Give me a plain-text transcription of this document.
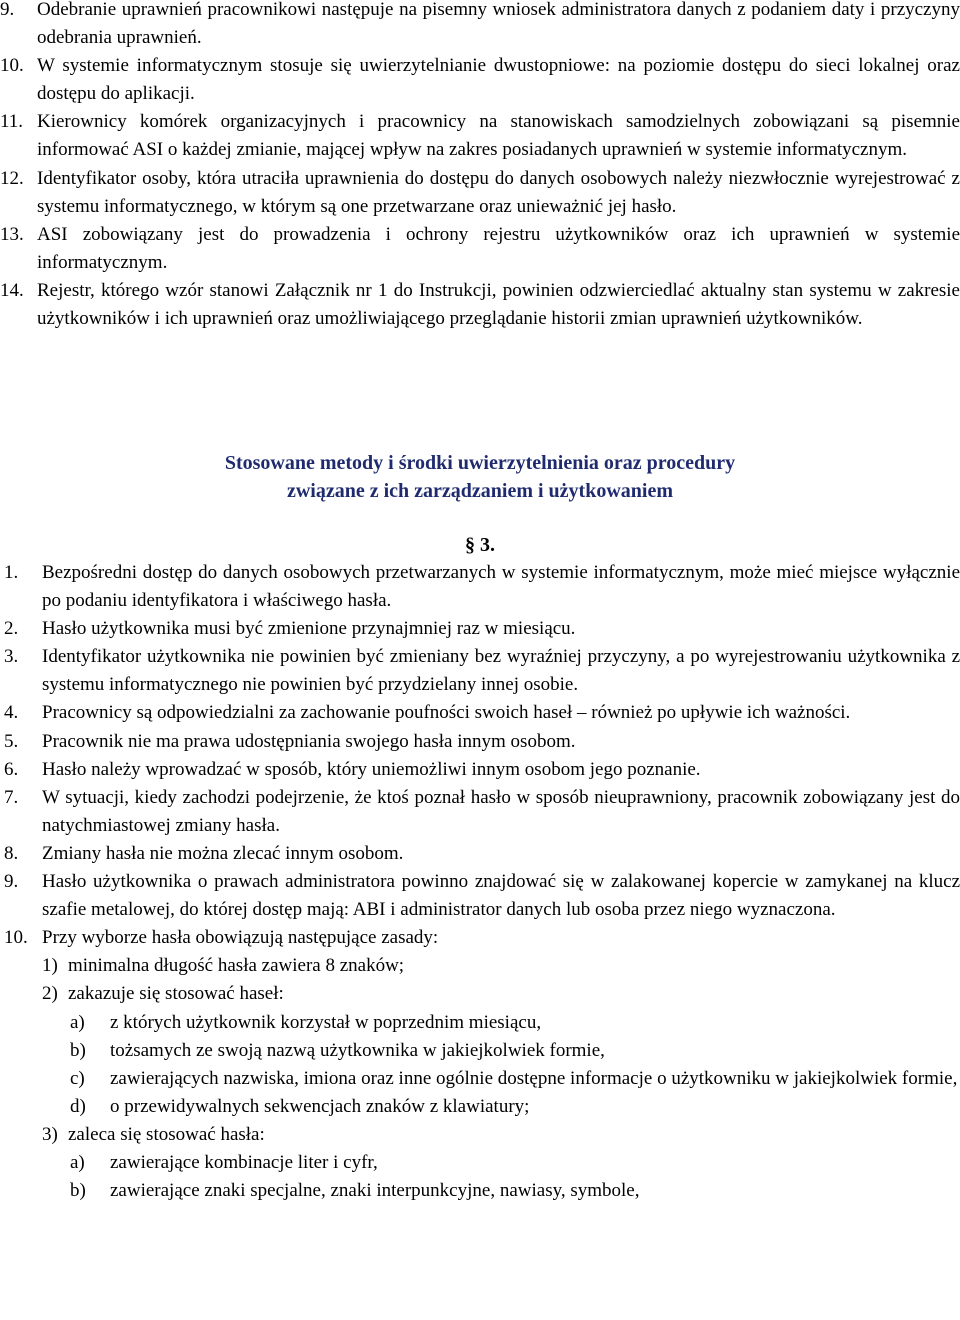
9. Odebranie uprawnień pracownikowi następuje na pisemny wniosek administratora danych z podaniem daty i przyczyny odebrania uprawnień.
10. W systemie informatycznym stosuje się uwierzytelnianie dwustopniowe: na poziomie dostępu do sieci lokalnej oraz dostępu do aplikacji.
11. Kierownicy komórek organizacyjnych i pracownicy na stanowiskach samodzielnych zobowiązani są pisemnie informować ASI o każdej zmianie, mającej wpływ na zakres posiadanych uprawnień w systemie informatycznym.
12. Identyfikator osoby, która utraciła uprawnienia do dostępu do danych osobowych należy niezwłocznie wyrejestrować z systemu informatycznego, w którym są one przetwarzane oraz unieważnić jej hasło.
13. ASI zobowiązany jest do prowadzenia i ochrony rejestru użytkowników oraz ich uprawnień w systemie informatycznym.
14. Rejestr, którego wzór stanowi Załącznik nr 1 do Instrukcji, powinien odzwierciedlać aktualny stan systemu w zakresie użytkowników i ich uprawnień oraz umożliwiającego przeglądanie historii zmian uprawnień użytkowników.
Stosowane metody i środki uwierzytelnienia oraz procedury
związane z ich zarządzaniem i użytkowaniem
§ 3.
1. Bezpośredni dostęp do danych osobowych przetwarzanych w systemie informatycznym, może mieć miejsce wyłącznie po podaniu identyfikatora i właściwego hasła.
2. Hasło użytkownika musi być zmienione przynajmniej raz w miesiącu.
3. Identyfikator użytkownika nie powinien być zmieniany bez wyraźniej przyczyny, a po wyrejestrowaniu użytkownika z systemu informatycznego nie powinien być przydzielany innej osobie.
4. Pracownicy są odpowiedzialni za zachowanie poufności swoich haseł – również po upływie ich ważności.
5. Pracownik nie ma prawa udostępniania swojego hasła innym osobom.
6. Hasło należy wprowadzać w sposób, który uniemożliwi innym osobom jego poznanie.
7. W sytuacji, kiedy zachodzi podejrzenie, że ktoś poznał hasło w sposób nieuprawniony, pracownik zobowiązany jest do natychmiastowej zmiany hasła.
8. Zmiany hasła nie można zlecać innym osobom.
9. Hasło użytkownika o prawach administratora powinno znajdować się w zalakowanej kopercie w zamykanej na klucz szafie metalowej, do której dostęp mają: ABI i administrator danych lub osoba przez niego wyznaczona.
10. Przy wyborze hasła obowiązują następujące zasady:
1) minimalna długość hasła zawiera 8 znaków;
2) zakazuje się stosować haseł:
a) z których użytkownik korzystał w poprzednim miesiącu,
b) tożsamych ze swoją nazwą użytkownika w jakiejkolwiek formie,
c) zawierających nazwiska, imiona oraz inne ogólnie dostępne informacje o użytkowniku w jakiejkolwiek formie,
d) o przewidywalnych sekwencjach znaków z klawiatury;
3) zaleca się stosować hasła:
a) zawierające kombinacje liter i cyfr,
b) zawierające znaki specjalne, znaki interpunkcyjne, nawiasy, symbole,
